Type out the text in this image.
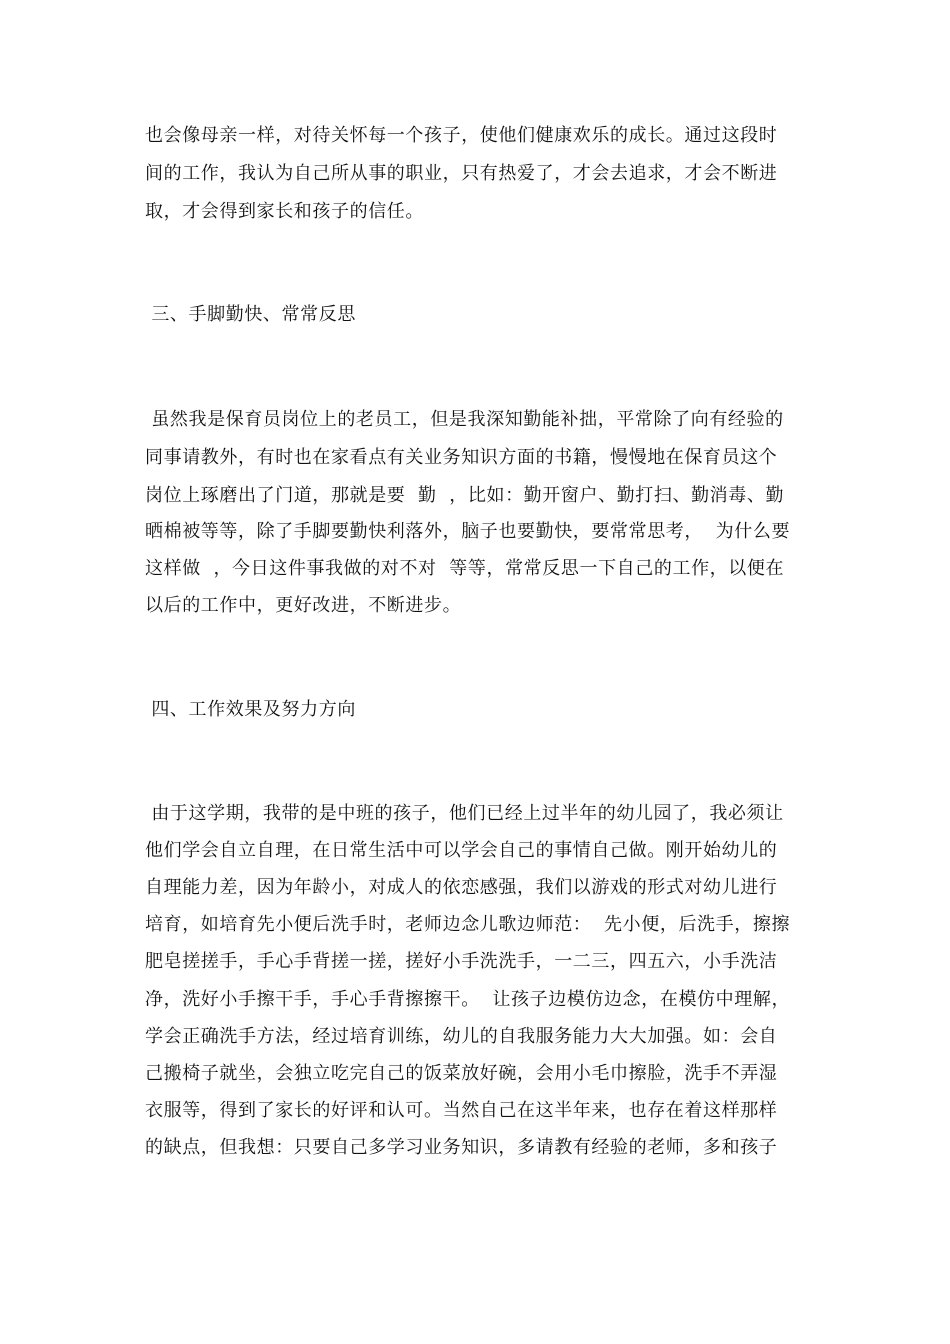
也会像母亲一样，对待关怀每一个孩子，使他们健康欢乐的成长。通过这段时
间的工作，我认为自己所从事的职业，只有热爱了，才会去追求，才会不断进
取，才会得到家长和孩子的信任。
三、手脚勤快、常常反思
虽然我是保育员岗位上的老员工，但是我深知勤能补拙，平常除了向有经验的
同事请教外，有时也在家看点有关业务知识方面的书籍，慢慢地在保育员这个
岗位上琢磨出了门道，那就是要  勤  ，比如：勤开窗户、勤打扫、勤消毒、勤
晒棉被等等，除了手脚要勤快利落外，脑子也要勤快，要常常思考，  为什么要
这样做  ，今日这件事我做的对不对  等等，常常反思一下自己的工作，以便在
以后的工作中，更好改进，不断进步。
四、工作效果及努力方向
由于这学期，我带的是中班的孩子，他们已经上过半年的幼儿园了，我必须让
他们学会自立自理，在日常生活中可以学会自己的事情自己做。刚开始幼儿的
自理能力差，因为年龄小，对成人的依恋感强，我们以游戏的形式对幼儿进行
培育，如培育先小便后洗手时，老师边念儿歌边师范：  先小便，后洗手，擦擦
肥皂搓搓手，手心手背搓一搓，搓好小手洗洗手，一二三，四五六，小手洗洁
净，洗好小手擦干手，手心手背擦擦干。  让孩子边模仿边念，在模仿中理解，
学会正确洗手方法，经过培育训练，幼儿的自我服务能力大大加强。如：会自
己搬椅子就坐，会独立吃完自己的饭菜放好碗，会用小毛巾擦脸，洗手不弄湿
衣服等，得到了家长的好评和认可。当然自己在这半年来，也存在着这样那样
的缺点，但我想：只要自己多学习业务知识，多请教有经验的老师，多和孩子
